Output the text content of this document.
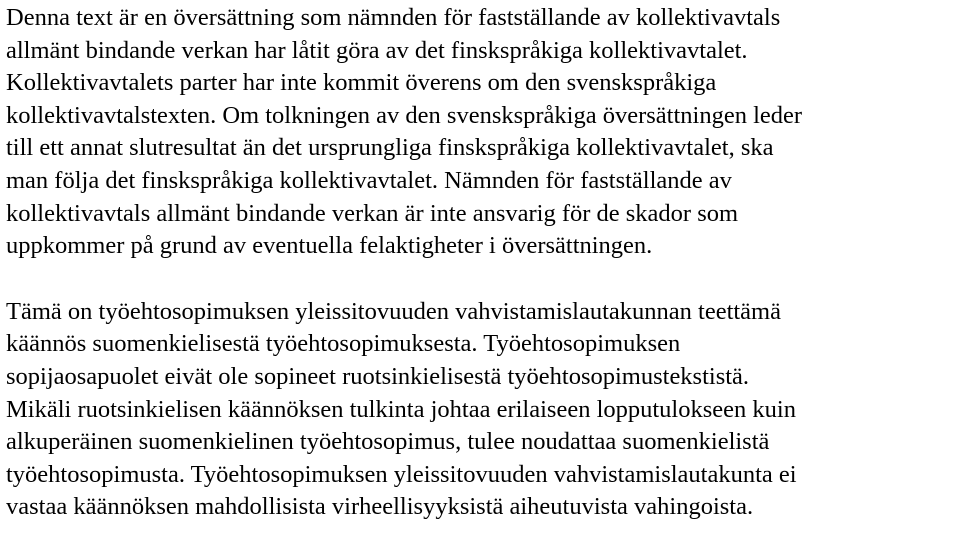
Denna text är en översättning som nämnden för fastställande av kollektivavtals
allmänt bindande verkan har låtit göra av det finskspråkiga kollektivavtalet.
Kollektivavtalets parter har inte kommit överens om den svenskspråkiga
kollektivavtalstexten. Om tolkningen av den svenskspråkiga översättningen leder
till ett annat slutresultat än det ursprungliga finskspråkiga kollektivavtalet, ska
man följa det finskspråkiga kollektivavtalet. Nämnden för fastställande av
kollektivavtals allmänt bindande verkan är inte ansvarig för de skador som
uppkommer på grund av eventuella felaktigheter i översättningen.

Tämä on työehtosopimuksen yleissitovuuden vahvistamislautakunnan teettämä
käännös suomenkielisestä työehtosopimuksesta. Työehtosopimuksen
sopijaosapuolet eivät ole sopineet ruotsinkielisestä työehtosopimustekstistä.
Mikäli ruotsinkielisen käännöksen tulkinta johtaa erilaiseen lopputulokseen kuin
alkuperäinen suomenkielinen työehtosopimus, tulee noudattaa suomenkielistä
työehtosopimusta. Työehtosopimuksen yleissitovuuden vahvistamislautakunta ei
vastaa käännöksen mahdollisista virheellisyyksistä aiheutuvista vahingoista.
